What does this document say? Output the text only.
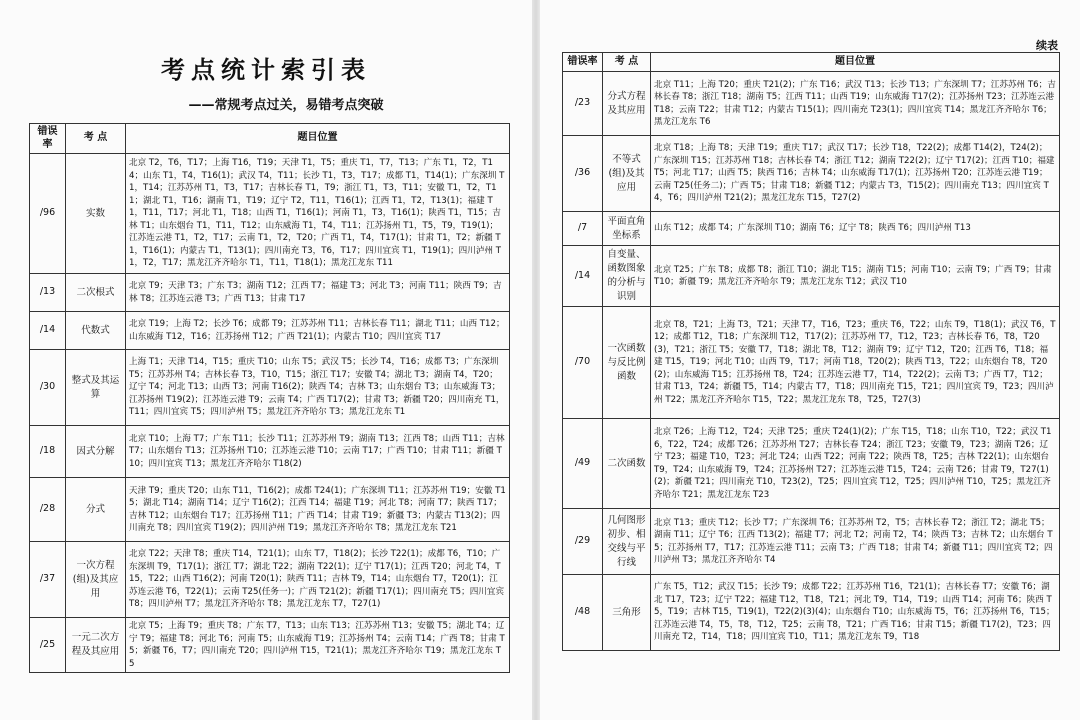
考点统计索引表
——常规考点过关，易错考点突破
错误率	考 点	题目位置
/96	实数	北京 T2，T6，T17；上海 T16，T19；天津 T1，T5；重庆 T1，T7，T13；广东 T1，T2，T14；山东 T1，T4，T16(1)；武汉 T4，T11；长沙 T1，T3，T17；成都 T1，T14(1)；广东深圳 T1，T14；江苏苏州 T1，T3，T17；吉林长春 T1，T9；浙江 T1，T3，T11；安徽 T1，T2，T11；湖北 T1，T16；湖南 T1，T19；辽宁 T2，T11，T16(1)；江西 T1，T2，T13(1)；福建 T1，T11，T17；河北 T1，T18；山西 T1，T16(1)；河南 T1，T3，T16(1)；陕西 T1，T15；吉林 T1；山东烟台 T1，T11，T12；山东威海 T1，T4，T11；江苏扬州 T1，T5，T9，T19(1)；江苏连云港 T1，T2，T17；云南 T1，T2，T20；广西 T1，T4，T17(1)；甘肃 T1，T2；新疆 T1，T16(1)；内蒙古 T1，T13(1)；四川南充 T3，T6，T17；四川宜宾 T1，T19(1)；四川泸州 T1，T2，T17；黑龙江齐齐哈尔 T1，T11，T18(1)；黑龙江龙东 T11
/13	二次根式	北京 T9；天津 T3；广东 T3；湖南 T12；江西 T7；福建 T3；河北 T3；河南 T11；陕西 T9；吉林 T8；江苏连云港 T3；广西 T13；甘肃 T17
/14	代数式	北京 T19；上海 T2；长沙 T6；成都 T9；江苏苏州 T11；吉林长春 T11；湖北 T11；山西 T12；山东威海 T12，T16；江苏扬州 T12；广西 T21(1)；内蒙古 T10；四川宜宾 T17
/30	整式及其运算	上海 T1；天津 T14，T15；重庆 T10；山东 T5；武汉 T5；长沙 T4，T16；成都 T3；广东深圳 T5；江苏苏州 T4；吉林长春 T3，T10，T15；浙江 T17；安徽 T4；湖北 T3；湖南 T4，T20；辽宁 T4；河北 T13；山西 T3；河南 T16(2)；陕西 T4；吉林 T3；山东烟台 T3；山东威海 T3；江苏扬州 T19(2)；江苏连云港 T9；云南 T4；广西 T17(2)；甘肃 T3；新疆 T20；四川南充 T1，T11；四川宜宾 T5；四川泸州 T5；黑龙江齐齐哈尔 T3；黑龙江龙东 T1
/18	因式分解	北京 T10；上海 T7；广东 T11；长沙 T11；江苏苏州 T9；湖南 T13；江西 T8；山西 T11；吉林 T7；山东烟台 T13；江苏扬州 T10；江苏连云港 T10；云南 T17；广西 T10；甘肃 T11；新疆 T10；四川宜宾 T13；黑龙江齐齐哈尔 T18(2)
/28	分式	天津 T9；重庆 T20；山东 T11，T16(2)；成都 T24(1)；广东深圳 T11；江苏苏州 T19；安徽 T15；湖北 T14；湖南 T14；辽宁 T16(2)；江西 T14；福建 T19；河北 T8；河南 T7；陕西 T17；吉林 T12；山东烟台 T17；江苏扬州 T11；广西 T14；甘肃 T19；新疆 T3；内蒙古 T13(2)；四川南充 T8；四川宜宾 T19(2)；四川泸州 T19；黑龙江齐齐哈尔 T8；黑龙江龙东 T21
/37	一次方程(组)及其应用	北京 T22；天津 T8；重庆 T14，T21(1)；山东 T7，T18(2)；长沙 T22(1)；成都 T6，T10；广东深圳 T9，T17(1)；浙江 T7；湖北 T22；湖南 T22(1)；辽宁 T17(1)；江西 T20；河北 T4，T15，T22；山西 T16(2)；河南 T20(1)；陕西 T11；吉林 T9，T14；山东烟台 T7，T20(1)；江苏连云港 T6，T22(1)；云南 T25(任务一)；广西 T21(2)；新疆 T17(1)；四川南充 T5；四川宜宾 T8；四川泸州 T7；黑龙江齐齐哈尔 T8；黑龙江龙东 T7，T27(1)
/25	一元二次方程及其应用	北京 T5；上海 T9；重庆 T8；广东 T7，T13；山东 T13；江苏苏州 T13；安徽 T5；湖北 T4；辽宁 T9；福建 T8；河北 T6；河南 T5；山东威海 T19；江苏扬州 T4；云南 T14；广西 T8；甘肃 T5；新疆 T6，T7；四川南充 T20；四川泸州 T15，T21(1)；黑龙江齐齐哈尔 T19；黑龙江龙东 T5
续表
错误率	考 点	题目位置
/23	分式方程及其应用	北京 T11；上海 T20；重庆 T21(2)；广东 T16；武汉 T13；长沙 T13；广东深圳 T7；江苏苏州 T6；吉林长春 T8；浙江 T18；湖南 T5；江西 T11；山西 T19；山东威海 T17(2)；江苏扬州 T23；江苏连云港 T18；云南 T22；甘肃 T12；内蒙古 T15(1)；四川南充 T23(1)；四川宜宾 T14；黑龙江齐齐哈尔 T6；黑龙江龙东 T6
/36	不等式(组)及其应用	北京 T18；上海 T8；天津 T19；重庆 T17；武汉 T17；长沙 T18，T22(2)；成都 T14(2)，T24(2)；广东深圳 T15；江苏苏州 T18；吉林长春 T4；浙江 T12；湖南 T22(2)；辽宁 T17(2)；江西 T10；福建 T5；河北 T17；山西 T5；陕西 T16；吉林 T4；山东威海 T17(1)；江苏扬州 T20；江苏连云港 T19；云南 T25(任务二)；广西 T5；甘肃 T18；新疆 T12；内蒙古 T3，T15(2)；四川南充 T13；四川宜宾 T4，T6；四川泸州 T21(2)；黑龙江龙东 T15，T27(2)
/7	平面直角坐标系	山东 T12；成都 T4；广东深圳 T10；湖南 T6；辽宁 T8；陕西 T6；四川泸州 T13
/14	自变量、函数图象的分析与识别	北京 T25；广东 T8；成都 T8；浙江 T10；湖北 T15；湖南 T15；河南 T10；云南 T9；广西 T9；甘肃 T10；新疆 T9；黑龙江齐齐哈尔 T9；黑龙江龙东 T12；武汉 T10
/70	一次函数与反比例函数	北京 T8，T21；上海 T3，T21；天津 T7，T16，T23；重庆 T6，T22；山东 T9，T18(1)；武汉 T6，T12；成都 T12，T18；广东深圳 T12，T17(2)；江苏苏州 T7，T12，T23；吉林长春 T6，T8，T20(3)，T21；浙江 T5；安徽 T7，T18；湖北 T8，T12；湖南 T9；辽宁 T12，T20；江西 T6，T18；福建 T15，T19；河北 T10；山西 T9，T17；河南 T18，T20(2)；陕西 T13，T22；山东烟台 T8，T20(2)；山东威海 T15；江苏扬州 T8，T24；江苏连云港 T7，T14，T22(2)；云南 T3；广西 T7，T12；甘肃 T13，T24；新疆 T5，T14；内蒙古 T7，T18；四川南充 T15，T21；四川宜宾 T9，T23；四川泸州 T22；黑龙江齐齐哈尔 T15，T22；黑龙江龙东 T8，T25，T27(3)
/49	二次函数	北京 T26；上海 T12，T24；天津 T25；重庆 T24(1)(2)；广东 T15，T18；山东 T10，T22；武汉 T16，T22，T24；成都 T26；江苏苏州 T27；吉林长春 T24；浙江 T23；安徽 T9，T23；湖南 T26；辽宁 T23；福建 T10，T23；河北 T24；山西 T22；河南 T22；陕西 T8，T25；吉林 T22(1)；山东烟台 T9，T24；山东威海 T9，T24；江苏扬州 T27；江苏连云港 T15，T24；云南 T26；甘肃 T9，T27(1)(2)；新疆 T21；四川南充 T10，T23(2)，T25；四川宜宾 T12，T25；四川泸州 T10，T25；黑龙江齐齐哈尔 T21；黑龙江龙东 T23
/29	几何图形初步、相交线与平行线	北京 T13；重庆 T12；长沙 T7；广东深圳 T6；江苏苏州 T2，T5；吉林长春 T2；浙江 T2；湖北 T5；湖南 T11；辽宁 T6；江西 T13(2)；福建 T7；河北 T2；河南 T2，T4；陕西 T3；吉林 T2；山东烟台 T5；江苏扬州 T7，T17；江苏连云港 T11；云南 T3；广西 T18；甘肃 T4；新疆 T11；四川宜宾 T2；四川泸州 T3；黑龙江齐齐哈尔 T4
/48	三角形	广东 T5，T12；武汉 T15；长沙 T9；成都 T22；江苏苏州 T16，T21(1)；吉林长春 T7；安徽 T6；湖北 T17，T23；辽宁 T22；福建 T12，T18，T21；河北 T9，T14，T19；山西 T14；河南 T6；陕西 T5，T19；吉林 T15，T19(1)，T22(2)(3)(4)；山东烟台 T10；山东威海 T5，T6；江苏扬州 T6，T15；江苏连云港 T4，T5，T8，T12，T25；云南 T8，T21；广西 T16；甘肃 T15；新疆 T17(2)，T23；四川南充 T2，T14，T18；四川宜宾 T10，T11；黑龙江龙东 T9，T18
